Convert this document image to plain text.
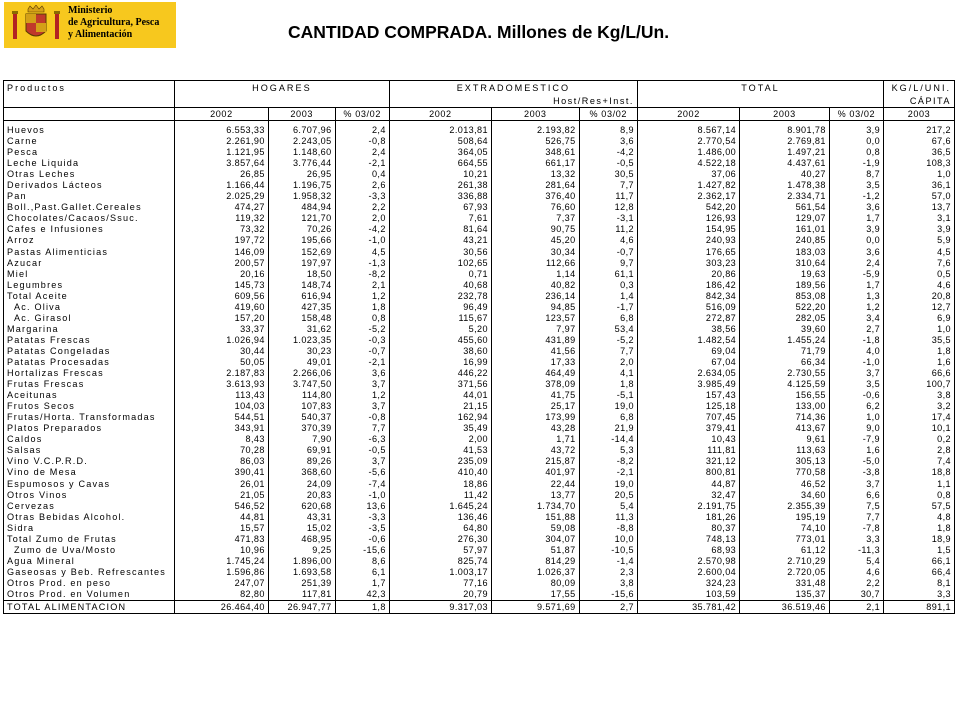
Ministerio
de Agricultura, Pesca
y Alimentación	CANTIDAD COMPRADA. Millones de Kg/L/Un.
Productos	HOGARES			EXTRADOMESTICO			TOTAL			KG/L/UNI.
				Host/Res+Inst.						CÁPITA
	2002	2003	% 03/02	2002	2003	% 03/02	2002	2003	% 03/02	2003

Huevos	6.553,33	6.707,96	2,4	2.013,81	2.193,82	8,9	8.567,14	8.901,78	3,9	217,2
Carne	2.261,90	2.243,05	-0,8	508,64	526,75	3,6	2.770,54	2.769,81	0,0	67,6
Pesca	1.121,95	1.148,60	2,4	364,05	348,61	-4,2	1.486,00	1.497,21	0,8	36,5
Leche Liquida	3.857,64	3.776,44	-2,1	664,55	661,17	-0,5	4.522,18	4.437,61	-1,9	108,3
Otras Leches	26,85	26,95	0,4	10,21	13,32	30,5	37,06	40,27	8,7	1,0
Derivados Lácteos	1.166,44	1.196,75	2,6	261,38	281,64	7,7	1.427,82	1.478,38	3,5	36,1
Pan	2.025,29	1.958,32	-3,3	336,88	376,40	11,7	2.362,17	2.334,71	-1,2	57,0
Boll.,Past.Gallet.Cereales	474,27	484,94	2,2	67,93	76,60	12,8	542,20	561,54	3,6	13,7
Chocolates/Cacaos/Ssuc.	119,32	121,70	2,0	7,61	7,37	-3,1	126,93	129,07	1,7	3,1
Cafes e Infusiones	73,32	70,26	-4,2	81,64	90,75	11,2	154,95	161,01	3,9	3,9
Arroz	197,72	195,66	-1,0	43,21	45,20	4,6	240,93	240,85	0,0	5,9
Pastas Alimenticias	146,09	152,69	4,5	30,56	30,34	-0,7	176,65	183,03	3,6	4,5
Azucar	200,57	197,97	-1,3	102,65	112,66	9,7	303,23	310,64	2,4	7,6
Miel	20,16	18,50	-8,2	0,71	1,14	61,1	20,86	19,63	-5,9	0,5
Legumbres	145,73	148,74	2,1	40,68	40,82	0,3	186,42	189,56	1,7	4,6
Total Aceite	609,56	616,94	1,2	232,78	236,14	1,4	842,34	853,08	1,3	20,8
Ac. Oliva	419,60	427,35	1,8	96,49	94,85	-1,7	516,09	522,20	1,2	12,7
Ac. Girasol	157,20	158,48	0,8	115,67	123,57	6,8	272,87	282,05	3,4	6,9
Margarina	33,37	31,62	-5,2	5,20	7,97	53,4	38,56	39,60	2,7	1,0
Patatas Frescas	1.026,94	1.023,35	-0,3	455,60	431,89	-5,2	1.482,54	1.455,24	-1,8	35,5
Patatas Congeladas	30,44	30,23	-0,7	38,60	41,56	7,7	69,04	71,79	4,0	1,8
Patatas Procesadas	50,05	49,01	-2,1	16,99	17,33	2,0	67,04	66,34	-1,0	1,6
Hortalizas Frescas	2.187,83	2.266,06	3,6	446,22	464,49	4,1	2.634,05	2.730,55	3,7	66,6
Frutas Frescas	3.613,93	3.747,50	3,7	371,56	378,09	1,8	3.985,49	4.125,59	3,5	100,7
Aceitunas	113,43	114,80	1,2	44,01	41,75	-5,1	157,43	156,55	-0,6	3,8
Frutos Secos	104,03	107,83	3,7	21,15	25,17	19,0	125,18	133,00	6,2	3,2
Frutas/Horta. Transformadas	544,51	540,37	-0,8	162,94	173,99	6,8	707,45	714,36	1,0	17,4
Platos Preparados	343,91	370,39	7,7	35,49	43,28	21,9	379,41	413,67	9,0	10,1
Caldos	8,43	7,90	-6,3	2,00	1,71	-14,4	10,43	9,61	-7,9	0,2
Salsas	70,28	69,91	-0,5	41,53	43,72	5,3	111,81	113,63	1,6	2,8
Vino V.C.P.R.D.	86,03	89,26	3,7	235,09	215,87	-8,2	321,12	305,13	-5,0	7,4
Vino de Mesa	390,41	368,60	-5,6	410,40	401,97	-2,1	800,81	770,58	-3,8	18,8
Espumosos y Cavas	26,01	24,09	-7,4	18,86	22,44	19,0	44,87	46,52	3,7	1,1
Otros Vinos	21,05	20,83	-1,0	11,42	13,77	20,5	32,47	34,60	6,6	0,8
Cervezas	546,52	620,68	13,6	1.645,24	1.734,70	5,4	2.191,75	2.355,39	7,5	57,5
Otras Bebidas Alcohol.	44,81	43,31	-3,3	136,46	151,88	11,3	181,26	195,19	7,7	4,8
Sidra	15,57	15,02	-3,5	64,80	59,08	-8,8	80,37	74,10	-7,8	1,8
Total Zumo de Frutas	471,83	468,95	-0,6	276,30	304,07	10,0	748,13	773,01	3,3	18,9
Zumo de Uva/Mosto	10,96	9,25	-15,6	57,97	51,87	-10,5	68,93	61,12	-11,3	1,5
Agua Mineral	1.745,24	1.896,00	8,6	825,74	814,29	-1,4	2.570,98	2.710,29	5,4	66,1
Gaseosas y Beb. Refrescantes	1.596,86	1.693,58	6,1	1.003,17	1.026,37	2,3	2.600,04	2.720,05	4,6	66,4
Otros Prod. en peso	247,07	251,39	1,7	77,16	80,09	3,8	324,23	331,48	2,2	8,1
Otros Prod. en Volumen	82,80	117,81	42,3	20,79	17,55	-15,6	103,59	135,37	30,7	3,3
TOTAL ALIMENTACION	26.464,40	26.947,77	1,8	9.317,03	9.571,69	2,7	35.781,42	36.519,46	2,1	891,1
